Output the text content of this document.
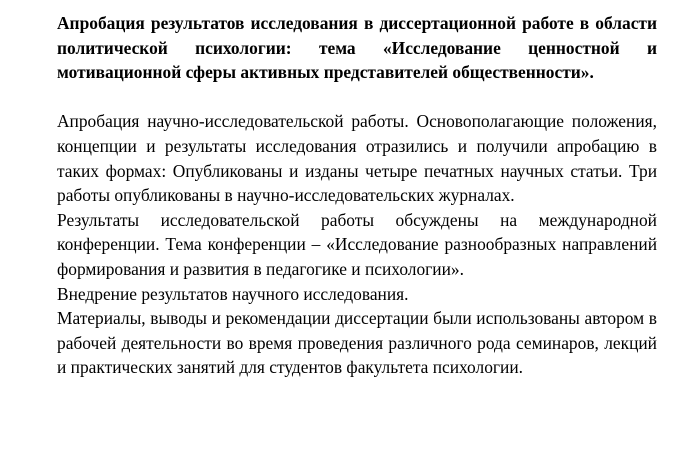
Апробация результатов исследования в диссертационной работе в области политической психологии: тема «Исследование ценностной и мотивационной сферы активных представителей общественности».

Апробация научно-исследовательской работы. Основополагающие положения, концепции и результаты исследования отразились и получили апробацию в таких формах: Опубликованы и изданы четыре печатных научных статьи. Три работы опубликованы в научно-исследовательских журналах.

Результаты исследовательской работы обсуждены на международной конференции. Тема конференции – «Исследование разнообразных направлений формирования и развития в педагогике и психологии».

Внедрение результатов научного исследования.

Материалы, выводы и рекомендации диссертации были использованы автором в рабочей деятельности во время проведения различного рода семинаров, лекций и практических занятий для студентов факультета психологии.
